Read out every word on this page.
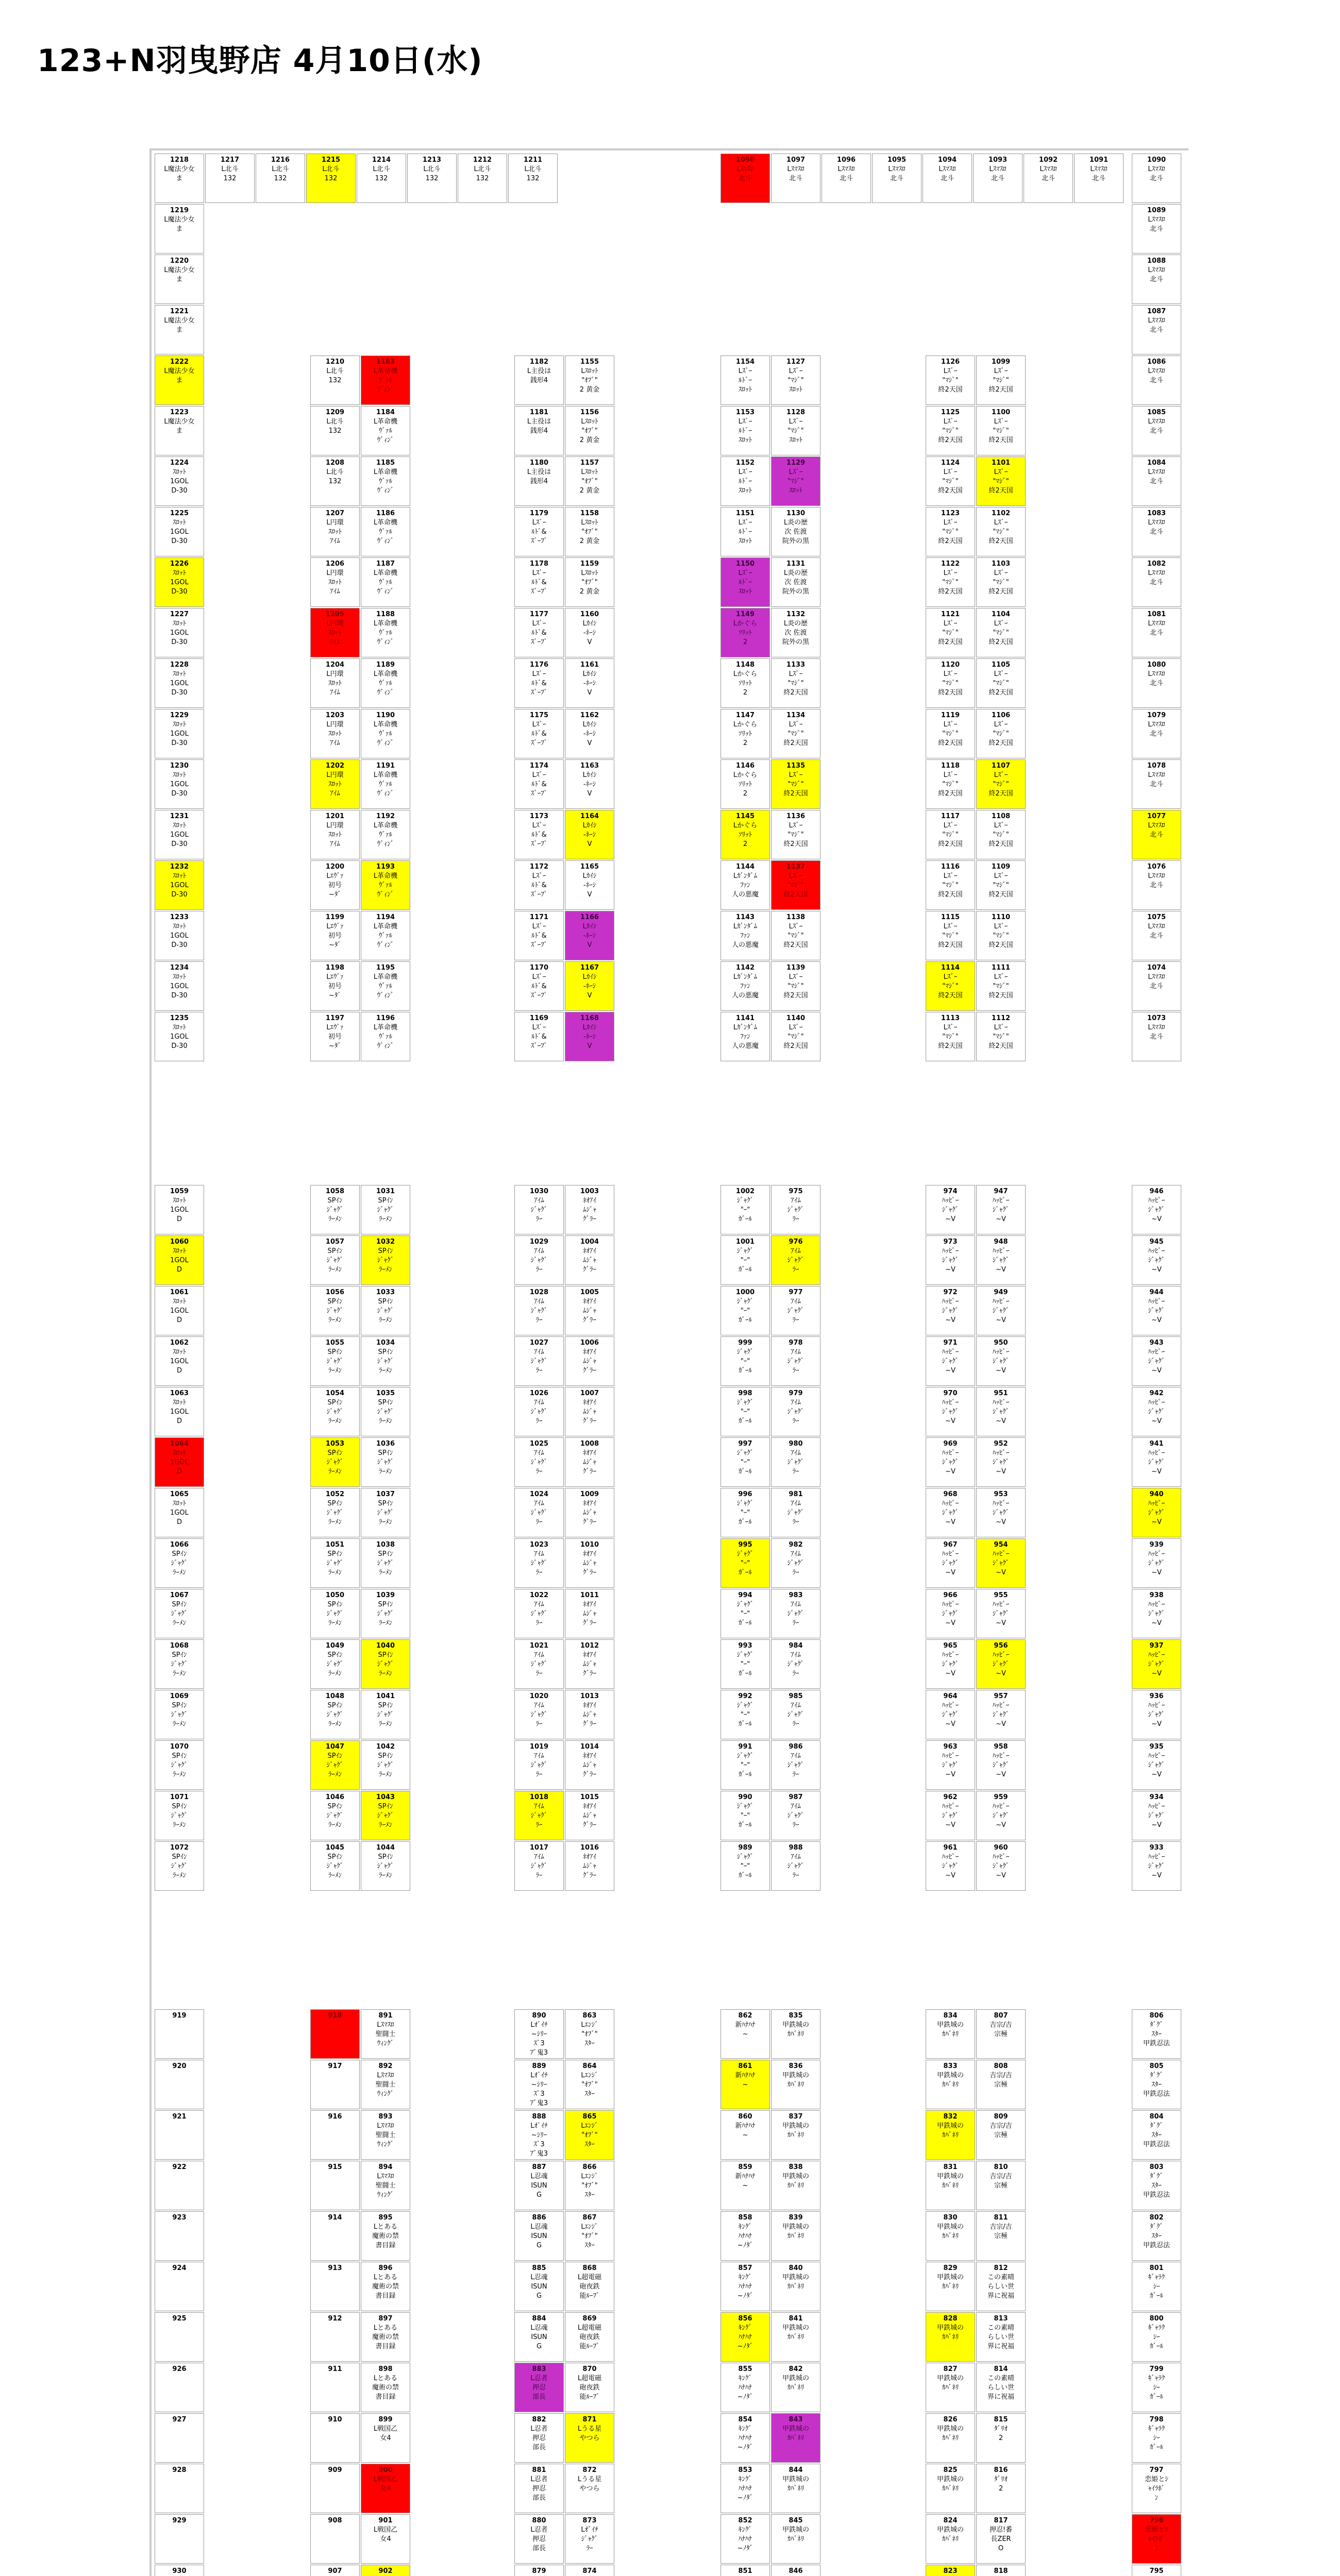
123+N羽曳野店 4月10日(水)
1218
L魔法少女
ま
1217
L北斗
132
1216
L北斗
132
1215
L北斗
132
1214
L北斗
132
1213
L北斗
132
1212
L北斗
132
1211
L北斗
132
1098
Lｽﾏｽﾛ
北斗
1097
Lｽﾏｽﾛ
北斗
1096
Lｽﾏｽﾛ
北斗
1095
Lｽﾏｽﾛ
北斗
1094
Lｽﾏｽﾛ
北斗
1093
Lｽﾏｽﾛ
北斗
1092
Lｽﾏｽﾛ
北斗
1091
Lｽﾏｽﾛ
北斗
1090
Lｽﾏｽﾛ
北斗
1219
L魔法少女
ま
1220
L魔法少女
ま
1221
L魔法少女
ま
1222
L魔法少女
ま
1223
L魔法少女
ま
1224
ｽﾛｯﾄ
1GOL
D-30
1225
ｽﾛｯﾄ
1GOL
D-30
1226
ｽﾛｯﾄ
1GOL
D-30
1227
ｽﾛｯﾄ
1GOL
D-30
1228
ｽﾛｯﾄ
1GOL
D-30
1229
ｽﾛｯﾄ
1GOL
D-30
1230
ｽﾛｯﾄ
1GOL
D-30
1231
ｽﾛｯﾄ
1GOL
D-30
1232
ｽﾛｯﾄ
1GOL
D-30
1233
ｽﾛｯﾄ
1GOL
D-30
1234
ｽﾛｯﾄ
1GOL
D-30
1235
ｽﾛｯﾄ
1GOL
D-30
1089
Lｽﾏｽﾛ
北斗
1088
Lｽﾏｽﾛ
北斗
1087
Lｽﾏｽﾛ
北斗
1086
Lｽﾏｽﾛ
北斗
1085
Lｽﾏｽﾛ
北斗
1084
Lｽﾏｽﾛ
北斗
1083
Lｽﾏｽﾛ
北斗
1082
Lｽﾏｽﾛ
北斗
1081
Lｽﾏｽﾛ
北斗
1080
Lｽﾏｽﾛ
北斗
1079
Lｽﾏｽﾛ
北斗
1078
Lｽﾏｽﾛ
北斗
1077
Lｽﾏｽﾛ
北斗
1076
Lｽﾏｽﾛ
北斗
1075
Lｽﾏｽﾛ
北斗
1074
Lｽﾏｽﾛ
北斗
1073
Lｽﾏｽﾛ
北斗
1210
L北斗
132
1209
L北斗
132
1208
L北斗
132
1207
L円環
ｽﾛｯﾄ
ｱｲﾑ
1206
L円環
ｽﾛｯﾄ
ｱｲﾑ
1205
L円環
ｽﾛｯﾄ
ｱｲﾑ
1204
L円環
ｽﾛｯﾄ
ｱｲﾑ
1203
L円環
ｽﾛｯﾄ
ｱｲﾑ
1202
L円環
ｽﾛｯﾄ
ｱｲﾑ
1201
L円環
ｽﾛｯﾄ
ｱｲﾑ
1200
Lｴｳﾞｧ
初号
~ﾀﾞ
1199
Lｴｳﾞｧ
初号
~ﾀﾞ
1198
Lｴｳﾞｧ
初号
~ﾀﾞ
1197
Lｴｳﾞｧ
初号
~ﾀﾞ
1183
L革命機
ｳﾞｧﾙ
ｳﾞｨﾝﾞ
1184
L革命機
ｳﾞｧﾙ
ｳﾞｨﾝﾞ
1185
L革命機
ｳﾞｧﾙ
ｳﾞｨﾝﾞ
1186
L革命機
ｳﾞｧﾙ
ｳﾞｨﾝﾞ
1187
L革命機
ｳﾞｧﾙ
ｳﾞｨﾝﾞ
1188
L革命機
ｳﾞｧﾙ
ｳﾞｨﾝﾞ
1189
L革命機
ｳﾞｧﾙ
ｳﾞｨﾝﾞ
1190
L革命機
ｳﾞｧﾙ
ｳﾞｨﾝﾞ
1191
L革命機
ｳﾞｧﾙ
ｳﾞｨﾝﾞ
1192
L革命機
ｳﾞｧﾙ
ｳﾞｨﾝﾞ
1193
L革命機
ｳﾞｧﾙ
ｳﾞｨﾝﾞ
1194
L革命機
ｳﾞｧﾙ
ｳﾞｨﾝﾞ
1195
L革命機
ｳﾞｧﾙ
ｳﾞｨﾝﾞ
1196
L革命機
ｳﾞｧﾙ
ｳﾞｨﾝﾞ
1182
L主役は
銭形4
1181
L主役は
銭形4
1180
L主役は
銭形4
1179
Lｽﾞｰ
ﾙﾄﾞ&
ｽﾞｰﾌﾟ
1178
Lｽﾞｰ
ﾙﾄﾞ&
ｽﾞｰﾌﾟ
1177
Lｽﾞｰ
ﾙﾄﾞ&
ｽﾞｰﾌﾟ
1176
Lｽﾞｰ
ﾙﾄﾞ&
ｽﾞｰﾌﾟ
1175
Lｽﾞｰ
ﾙﾄﾞ&
ｽﾞｰﾌﾟ
1174
Lｽﾞｰ
ﾙﾄﾞ&
ｽﾞｰﾌﾟ
1173
Lｽﾞｰ
ﾙﾄﾞ&
ｽﾞｰﾌﾟ
1172
Lｽﾞｰ
ﾙﾄﾞ&
ｽﾞｰﾌﾟ
1171
Lｽﾞｰ
ﾙﾄﾞ&
ｽﾞｰﾌﾟ
1170
Lｽﾞｰ
ﾙﾄﾞ&
ｽﾞｰﾌﾟ
1169
Lｽﾞｰ
ﾙﾄﾞ&
ｽﾞｰﾌﾟ
1155
Lｽﾛｯﾄ
"ｵﾌﾞ"
2 黄金
1156
Lｽﾛｯﾄ
"ｵﾌﾞ"
2 黄金
1157
Lｽﾛｯﾄ
"ｵﾌﾞ"
2 黄金
1158
Lｽﾛｯﾄ
"ｵﾌﾞ"
2 黄金
1159
Lｽﾛｯﾄ
"ｵﾌﾞ"
2 黄金
1160
Lｶｲｼ
-ﾈｰｼ
V
1161
Lｶｲｼ
-ﾈｰｼ
V
1162
Lｶｲｼ
-ﾈｰｼ
V
1163
Lｶｲｼ
-ﾈｰｼ
V
1164
Lｶｲｼ
-ﾈｰｼ
V
1165
Lｶｲｼ
-ﾈｰｼ
V
1166
Lｶｲｼ
-ﾈｰｼ
V
1167
Lｶｲｼ
-ﾈｰｼ
V
1168
Lｶｲｼ
-ﾈｰｼ
V
1154
Lｽﾞｰ
ﾙﾄﾞｰ
ｽﾛｯﾄ
1153
Lｽﾞｰ
ﾙﾄﾞｰ
ｽﾛｯﾄ
1152
Lｽﾞｰ
ﾙﾄﾞｰ
ｽﾛｯﾄ
1151
Lｽﾞｰ
ﾙﾄﾞｰ
ｽﾛｯﾄ
1150
Lｽﾞｰ
ﾙﾄﾞｰ
ｽﾛｯﾄ
1149
Lかぐら
ｿﾘｯﾄ
2
1148
Lかぐら
ｿﾘｯﾄ
2
1147
Lかぐら
ｿﾘｯﾄ
2
1146
Lかぐら
ｿﾘｯﾄ
2
1145
Lかぐら
ｿﾘｯﾄ
2
1144
Lｶﾞﾝﾀﾞﾑ
ﾌｧﾝ
人の悪魔
1143
Lｶﾞﾝﾀﾞﾑ
ﾌｧﾝ
人の悪魔
1142
Lｶﾞﾝﾀﾞﾑ
ﾌｧﾝ
人の悪魔
1141
Lｶﾞﾝﾀﾞﾑ
ﾌｧﾝ
人の悪魔
1127
Lｽﾞｰ
"ﾏｼﾞ"
ｽﾛｯﾄ
1128
Lｽﾞｰ
"ﾏｼﾞ"
ｽﾛｯﾄ
1129
Lｽﾞｰ
"ﾏｼﾞ"
ｽﾛｯﾄ
1130
L炎の歴
次 佐渡
院外の黒
1131
L炎の歴
次 佐渡
院外の黒
1132
L炎の歴
次 佐渡
院外の黒
1133
Lｽﾞｰ
"ﾏｼﾞ"
終2天国
1134
Lｽﾞｰ
"ﾏｼﾞ"
終2天国
1135
Lｽﾞｰ
"ﾏｼﾞ"
終2天国
1136
Lｽﾞｰ
"ﾏｼﾞ"
終2天国
1137
Lｽﾞｰ
"ﾏｼﾞ"
終2天国
1138
Lｽﾞｰ
"ﾏｼﾞ"
終2天国
1139
Lｽﾞｰ
"ﾏｼﾞ"
終2天国
1140
Lｽﾞｰ
"ﾏｼﾞ"
終2天国
1126
Lｽﾞｰ
"ﾏｼﾞ"
終2天国
1125
Lｽﾞｰ
"ﾏｼﾞ"
終2天国
1124
Lｽﾞｰ
"ﾏｼﾞ"
終2天国
1123
Lｽﾞｰ
"ﾏｼﾞ"
終2天国
1122
Lｽﾞｰ
"ﾏｼﾞ"
終2天国
1121
Lｽﾞｰ
"ﾏｼﾞ"
終2天国
1120
Lｽﾞｰ
"ﾏｼﾞ"
終2天国
1119
Lｽﾞｰ
"ﾏｼﾞ"
終2天国
1118
Lｽﾞｰ
"ﾏｼﾞ"
終2天国
1117
Lｽﾞｰ
"ﾏｼﾞ"
終2天国
1116
Lｽﾞｰ
"ﾏｼﾞ"
終2天国
1115
Lｽﾞｰ
"ﾏｼﾞ"
終2天国
1114
Lｽﾞｰ
"ﾏｼﾞ"
終2天国
1113
Lｽﾞｰ
"ﾏｼﾞ"
終2天国
1099
Lｽﾞｰ
"ﾏｼﾞ"
終2天国
1100
Lｽﾞｰ
"ﾏｼﾞ"
終2天国
1101
Lｽﾞｰ
"ﾏｼﾞ"
終2天国
1102
Lｽﾞｰ
"ﾏｼﾞ"
終2天国
1103
Lｽﾞｰ
"ﾏｼﾞ"
終2天国
1104
Lｽﾞｰ
"ﾏｼﾞ"
終2天国
1105
Lｽﾞｰ
"ﾏｼﾞ"
終2天国
1106
Lｽﾞｰ
"ﾏｼﾞ"
終2天国
1107
Lｽﾞｰ
"ﾏｼﾞ"
終2天国
1108
Lｽﾞｰ
"ﾏｼﾞ"
終2天国
1109
Lｽﾞｰ
"ﾏｼﾞ"
終2天国
1110
Lｽﾞｰ
"ﾏｼﾞ"
終2天国
1111
Lｽﾞｰ
"ﾏｼﾞ"
終2天国
1112
Lｽﾞｰ
"ﾏｼﾞ"
終2天国
1059
ｽﾛｯﾄ
1GOL
D
1060
ｽﾛｯﾄ
1GOL
D
1061
ｽﾛｯﾄ
1GOL
D
1062
ｽﾛｯﾄ
1GOL
D
1063
ｽﾛｯﾄ
1GOL
D
1064
ｽﾛｯﾄ
1GOL
D
1065
ｽﾛｯﾄ
1GOL
D
1066
SPｲﾝ
ｼﾞｬｸﾞ
ﾗｰﾒﾝ
1067
SPｲﾝ
ｼﾞｬｸﾞ
ﾗｰﾒﾝ
1068
SPｲﾝ
ｼﾞｬｸﾞ
ﾗｰﾒﾝ
1069
SPｲﾝ
ｼﾞｬｸﾞ
ﾗｰﾒﾝ
1070
SPｲﾝ
ｼﾞｬｸﾞ
ﾗｰﾒﾝ
1071
SPｲﾝ
ｼﾞｬｸﾞ
ﾗｰﾒﾝ
1072
SPｲﾝ
ｼﾞｬｸﾞ
ﾗｰﾒﾝ
946
ﾊｯﾋﾟｰ
ｼﾞｬｸﾞ
~V
945
ﾊｯﾋﾟｰ
ｼﾞｬｸﾞ
~V
944
ﾊｯﾋﾟｰ
ｼﾞｬｸﾞ
~V
943
ﾊｯﾋﾟｰ
ｼﾞｬｸﾞ
~V
942
ﾊｯﾋﾟｰ
ｼﾞｬｸﾞ
~V
941
ﾊｯﾋﾟｰ
ｼﾞｬｸﾞ
~V
940
ﾊｯﾋﾟｰ
ｼﾞｬｸﾞ
~V
939
ﾊｯﾋﾟｰ
ｼﾞｬｸﾞ
~V
938
ﾊｯﾋﾟｰ
ｼﾞｬｸﾞ
~V
937
ﾊｯﾋﾟｰ
ｼﾞｬｸﾞ
~V
936
ﾊｯﾋﾟｰ
ｼﾞｬｸﾞ
~V
935
ﾊｯﾋﾟｰ
ｼﾞｬｸﾞ
~V
934
ﾊｯﾋﾟｰ
ｼﾞｬｸﾞ
~V
933
ﾊｯﾋﾟｰ
ｼﾞｬｸﾞ
~V
1058
SPｲﾝ
ｼﾞｬｸﾞ
ﾗｰﾒﾝ
1057
SPｲﾝ
ｼﾞｬｸﾞ
ﾗｰﾒﾝ
1056
SPｲﾝ
ｼﾞｬｸﾞ
ﾗｰﾒﾝ
1055
SPｲﾝ
ｼﾞｬｸﾞ
ﾗｰﾒﾝ
1054
SPｲﾝ
ｼﾞｬｸﾞ
ﾗｰﾒﾝ
1053
SPｲﾝ
ｼﾞｬｸﾞ
ﾗｰﾒﾝ
1052
SPｲﾝ
ｼﾞｬｸﾞ
ﾗｰﾒﾝ
1051
SPｲﾝ
ｼﾞｬｸﾞ
ﾗｰﾒﾝ
1050
SPｲﾝ
ｼﾞｬｸﾞ
ﾗｰﾒﾝ
1049
SPｲﾝ
ｼﾞｬｸﾞ
ﾗｰﾒﾝ
1048
SPｲﾝ
ｼﾞｬｸﾞ
ﾗｰﾒﾝ
1047
SPｲﾝ
ｼﾞｬｸﾞ
ﾗｰﾒﾝ
1046
SPｲﾝ
ｼﾞｬｸﾞ
ﾗｰﾒﾝ
1045
SPｲﾝ
ｼﾞｬｸﾞ
ﾗｰﾒﾝ
1031
SPｲﾝ
ｼﾞｬｸﾞ
ﾗｰﾒﾝ
1032
SPｲﾝ
ｼﾞｬｸﾞ
ﾗｰﾒﾝ
1033
SPｲﾝ
ｼﾞｬｸﾞ
ﾗｰﾒﾝ
1034
SPｲﾝ
ｼﾞｬｸﾞ
ﾗｰﾒﾝ
1035
SPｲﾝ
ｼﾞｬｸﾞ
ﾗｰﾒﾝ
1036
SPｲﾝ
ｼﾞｬｸﾞ
ﾗｰﾒﾝ
1037
SPｲﾝ
ｼﾞｬｸﾞ
ﾗｰﾒﾝ
1038
SPｲﾝ
ｼﾞｬｸﾞ
ﾗｰﾒﾝ
1039
SPｲﾝ
ｼﾞｬｸﾞ
ﾗｰﾒﾝ
1040
SPｲﾝ
ｼﾞｬｸﾞ
ﾗｰﾒﾝ
1041
SPｲﾝ
ｼﾞｬｸﾞ
ﾗｰﾒﾝ
1042
SPｲﾝ
ｼﾞｬｸﾞ
ﾗｰﾒﾝ
1043
SPｲﾝ
ｼﾞｬｸﾞ
ﾗｰﾒﾝ
1044
SPｲﾝ
ｼﾞｬｸﾞ
ﾗｰﾒﾝ
1030
ｱｲﾑ
ｼﾞｬｸﾞ
ﾗｰ
1029
ｱｲﾑ
ｼﾞｬｸﾞ
ﾗｰ
1028
ｱｲﾑ
ｼﾞｬｸﾞ
ﾗｰ
1027
ｱｲﾑ
ｼﾞｬｸﾞ
ﾗｰ
1026
ｱｲﾑ
ｼﾞｬｸﾞ
ﾗｰ
1025
ｱｲﾑ
ｼﾞｬｸﾞ
ﾗｰ
1024
ｱｲﾑ
ｼﾞｬｸﾞ
ﾗｰ
1023
ｱｲﾑ
ｼﾞｬｸﾞ
ﾗｰ
1022
ｱｲﾑ
ｼﾞｬｸﾞ
ﾗｰ
1021
ｱｲﾑ
ｼﾞｬｸﾞ
ﾗｰ
1020
ｱｲﾑ
ｼﾞｬｸﾞ
ﾗｰ
1019
ｱｲﾑ
ｼﾞｬｸﾞ
ﾗｰ
1018
ｱｲﾑ
ｼﾞｬｸﾞ
ﾗｰ
1017
ｱｲﾑ
ｼﾞｬｸﾞ
ﾗｰ
1003
ﾈｵｱｲ
ﾑｼﾞｬ
ｸﾞﾗｰ
1004
ﾈｵｱｲ
ﾑｼﾞｬ
ｸﾞﾗｰ
1005
ﾈｵｱｲ
ﾑｼﾞｬ
ｸﾞﾗｰ
1006
ﾈｵｱｲ
ﾑｼﾞｬ
ｸﾞﾗｰ
1007
ﾈｵｱｲ
ﾑｼﾞｬ
ｸﾞﾗｰ
1008
ﾈｵｱｲ
ﾑｼﾞｬ
ｸﾞﾗｰ
1009
ﾈｵｱｲ
ﾑｼﾞｬ
ｸﾞﾗｰ
1010
ﾈｵｱｲ
ﾑｼﾞｬ
ｸﾞﾗｰ
1011
ﾈｵｱｲ
ﾑｼﾞｬ
ｸﾞﾗｰ
1012
ﾈｵｱｲ
ﾑｼﾞｬ
ｸﾞﾗｰ
1013
ﾈｵｱｲ
ﾑｼﾞｬ
ｸﾞﾗｰ
1014
ﾈｵｱｲ
ﾑｼﾞｬ
ｸﾞﾗｰ
1015
ﾈｵｱｲ
ﾑｼﾞｬ
ｸﾞﾗｰ
1016
ﾈｵｱｲ
ﾑｼﾞｬ
ｸﾞﾗｰ
1002
ｼﾞｬｸﾞ
"ｰ"
ｶﾞｰﾙ
1001
ｼﾞｬｸﾞ
"ｰ"
ｶﾞｰﾙ
1000
ｼﾞｬｸﾞ
"ｰ"
ｶﾞｰﾙ
999
ｼﾞｬｸﾞ
"ｰ"
ｶﾞｰﾙ
998
ｼﾞｬｸﾞ
"ｰ"
ｶﾞｰﾙ
997
ｼﾞｬｸﾞ
"ｰ"
ｶﾞｰﾙ
996
ｼﾞｬｸﾞ
"ｰ"
ｶﾞｰﾙ
995
ｼﾞｬｸﾞ
"ｰ"
ｶﾞｰﾙ
994
ｼﾞｬｸﾞ
"ｰ"
ｶﾞｰﾙ
993
ｼﾞｬｸﾞ
"ｰ"
ｶﾞｰﾙ
992
ｼﾞｬｸﾞ
"ｰ"
ｶﾞｰﾙ
991
ｼﾞｬｸﾞ
"ｰ"
ｶﾞｰﾙ
990
ｼﾞｬｸﾞ
"ｰ"
ｶﾞｰﾙ
989
ｼﾞｬｸﾞ
"ｰ"
ｶﾞｰﾙ
975
ｱｲﾑ
ｼﾞｬｸﾞ
ﾗｰ
976
ｱｲﾑ
ｼﾞｬｸﾞ
ﾗｰ
977
ｱｲﾑ
ｼﾞｬｸﾞ
ﾗｰ
978
ｱｲﾑ
ｼﾞｬｸﾞ
ﾗｰ
979
ｱｲﾑ
ｼﾞｬｸﾞ
ﾗｰ
980
ｱｲﾑ
ｼﾞｬｸﾞ
ﾗｰ
981
ｱｲﾑ
ｼﾞｬｸﾞ
ﾗｰ
982
ｱｲﾑ
ｼﾞｬｸﾞ
ﾗｰ
983
ｱｲﾑ
ｼﾞｬｸﾞ
ﾗｰ
984
ｱｲﾑ
ｼﾞｬｸﾞ
ﾗｰ
985
ｱｲﾑ
ｼﾞｬｸﾞ
ﾗｰ
986
ｱｲﾑ
ｼﾞｬｸﾞ
ﾗｰ
987
ｱｲﾑ
ｼﾞｬｸﾞ
ﾗｰ
988
ｱｲﾑ
ｼﾞｬｸﾞ
ﾗｰ
974
ﾊｯﾋﾟｰ
ｼﾞｬｸﾞ
~V
973
ﾊｯﾋﾟｰ
ｼﾞｬｸﾞ
~V
972
ﾊｯﾋﾟｰ
ｼﾞｬｸﾞ
~V
971
ﾊｯﾋﾟｰ
ｼﾞｬｸﾞ
~V
970
ﾊｯﾋﾟｰ
ｼﾞｬｸﾞ
~V
969
ﾊｯﾋﾟｰ
ｼﾞｬｸﾞ
~V
968
ﾊｯﾋﾟｰ
ｼﾞｬｸﾞ
~V
967
ﾊｯﾋﾟｰ
ｼﾞｬｸﾞ
~V
966
ﾊｯﾋﾟｰ
ｼﾞｬｸﾞ
~V
965
ﾊｯﾋﾟｰ
ｼﾞｬｸﾞ
~V
964
ﾊｯﾋﾟｰ
ｼﾞｬｸﾞ
~V
963
ﾊｯﾋﾟｰ
ｼﾞｬｸﾞ
~V
962
ﾊｯﾋﾟｰ
ｼﾞｬｸﾞ
~V
961
ﾊｯﾋﾟｰ
ｼﾞｬｸﾞ
~V
947
ﾊｯﾋﾟｰ
ｼﾞｬｸﾞ
~V
948
ﾊｯﾋﾟｰ
ｼﾞｬｸﾞ
~V
949
ﾊｯﾋﾟｰ
ｼﾞｬｸﾞ
~V
950
ﾊｯﾋﾟｰ
ｼﾞｬｸﾞ
~V
951
ﾊｯﾋﾟｰ
ｼﾞｬｸﾞ
~V
952
ﾊｯﾋﾟｰ
ｼﾞｬｸﾞ
~V
953
ﾊｯﾋﾟｰ
ｼﾞｬｸﾞ
~V
954
ﾊｯﾋﾟｰ
ｼﾞｬｸﾞ
~V
955
ﾊｯﾋﾟｰ
ｼﾞｬｸﾞ
~V
956
ﾊｯﾋﾟｰ
ｼﾞｬｸﾞ
~V
957
ﾊｯﾋﾟｰ
ｼﾞｬｸﾞ
~V
958
ﾊｯﾋﾟｰ
ｼﾞｬｸﾞ
~V
959
ﾊｯﾋﾟｰ
ｼﾞｬｸﾞ
~V
960
ﾊｯﾋﾟｰ
ｼﾞｬｸﾞ
~V
919
920
921
922
923
924
925
926
927
928
929
930
806
ﾀﾞｸﾞ
ｽﾀｰ
甲鉄忍法
805
ﾀﾞｸﾞ
ｽﾀｰ
甲鉄忍法
804
ﾀﾞｸﾞ
ｽﾀｰ
甲鉄忍法
803
ﾀﾞｸﾞ
ｽﾀｰ
甲鉄忍法
802
ﾀﾞｸﾞ
ｽﾀｰ
甲鉄忍法
801
ｷﾞｬﾗｸ
ｼｰ
ｶﾞｰﾙ
800
ｷﾞｬﾗｸ
ｼｰ
ｶﾞｰﾙ
799
ｷﾞｬﾗｸ
ｼｰ
ｶﾞｰﾙ
798
ｷﾞｬﾗｸ
ｼｰ
ｶﾞｰﾙ
797
恋姫とｼ
ｬｲﾗﾎﾞ
ﾝ
796
恋姫とｼ
ｬｲﾗﾎﾞ
ﾝ
795
918
917
916
915
914
913
912
911
910
909
908
907
891
Lｽﾏｽﾛ
聖闘士
ｳｨﾝｸﾞ
892
Lｽﾏｽﾛ
聖闘士
ｳｨﾝｸﾞ
893
Lｽﾏｽﾛ
聖闘士
ｳｨﾝｸﾞ
894
Lｽﾏｽﾛ
聖闘士
ｳｨﾝｸﾞ
895
Lとある
魔術の禁
書目録
896
Lとある
魔術の禁
書目録
897
Lとある
魔術の禁
書目録
898
Lとある
魔術の禁
書目録
899
L戦国乙
女4
900
L戦国乙
女4
901
L戦国乙
女4
902
890
Lｵﾞｲﾁ
~ｼﾘｰ
ｽﾞ3
ｱﾞ鬼3
889
Lｵﾞｲﾁ
~ｼﾘｰ
ｽﾞ3
ｱﾞ鬼3
888
Lｵﾞｲﾁ
~ｼﾘｰ
ｽﾞ3
ｱﾞ鬼3
887
L忍魂
ISUN
G
886
L忍魂
ISUN
G
885
L忍魂
ISUN
G
884
L忍魂
ISUN
G
883
L忍者
押忍
部長
882
L忍者
押忍
部長
881
L忍者
押忍
部長
880
L忍者
押忍
部長
879
863
Lｴﾝｼﾞ
"ｵﾌﾞ"
ｽﾀｰ
864
Lｴﾝｼﾞ
"ｵﾌﾞ"
ｽﾀｰ
865
Lｴﾝｼﾞ
"ｵﾌﾞ"
ｽﾀｰ
866
Lｴﾝｼﾞ
"ｵﾌﾞ"
ｽﾀｰ
867
Lｴﾝｼﾞ
"ｵﾌﾞ"
ｽﾀｰ
868
L超電磁
砲夜鉄
能ﾙｰﾌﾟ
869
L超電磁
砲夜鉄
能ﾙｰﾌﾟ
870
L超電磁
砲夜鉄
能ﾙｰﾌﾟ
871
Lうる星
やつら
872
Lうる星
やつら
873
Lｵﾞｲﾁ
ｼﾞｬｸﾞ
ﾗｰ
874
862
新ﾊﾅﾊﾅ
~
861
新ﾊﾅﾊﾅ
~
860
新ﾊﾅﾊﾅ
~
859
新ﾊﾅﾊﾅ
~
858
ｷﾝｸﾞ
ﾊﾅﾊﾅ
~ﾉﾀﾞ
857
ｷﾝｸﾞ
ﾊﾅﾊﾅ
~ﾉﾀﾞ
856
ｷﾝｸﾞ
ﾊﾅﾊﾅ
~ﾉﾀﾞ
855
ｷﾝｸﾞ
ﾊﾅﾊﾅ
~ﾉﾀﾞ
854
ｷﾝｸﾞ
ﾊﾅﾊﾅ
~ﾉﾀﾞ
853
ｷﾝｸﾞ
ﾊﾅﾊﾅ
~ﾉﾀﾞ
852
ｷﾝｸﾞ
ﾊﾅﾊﾅ
~ﾉﾀﾞ
851
835
甲鉄城の
ｶﾊﾞﾈﾘ
836
甲鉄城の
ｶﾊﾞﾈﾘ
837
甲鉄城の
ｶﾊﾞﾈﾘ
838
甲鉄城の
ｶﾊﾞﾈﾘ
839
甲鉄城の
ｶﾊﾞﾈﾘ
840
甲鉄城の
ｶﾊﾞﾈﾘ
841
甲鉄城の
ｶﾊﾞﾈﾘ
842
甲鉄城の
ｶﾊﾞﾈﾘ
843
甲鉄城の
ｶﾊﾞﾈﾘ
844
甲鉄城の
ｶﾊﾞﾈﾘ
845
甲鉄城の
ｶﾊﾞﾈﾘ
846
834
甲鉄城の
ｶﾊﾞﾈﾘ
833
甲鉄城の
ｶﾊﾞﾈﾘ
832
甲鉄城の
ｶﾊﾞﾈﾘ
831
甲鉄城の
ｶﾊﾞﾈﾘ
830
甲鉄城の
ｶﾊﾞﾈﾘ
829
甲鉄城の
ｶﾊﾞﾈﾘ
828
甲鉄城の
ｶﾊﾞﾈﾘ
827
甲鉄城の
ｶﾊﾞﾈﾘ
826
甲鉄城の
ｶﾊﾞﾈﾘ
825
甲鉄城の
ｶﾊﾞﾈﾘ
824
甲鉄城の
ｶﾊﾞﾈﾘ
823
807
吉宗/吉
宗極
808
吉宗/吉
宗極
809
吉宗/吉
宗極
810
吉宗/吉
宗極
811
吉宗/吉
宗極
812
この素晴
らしい世
界に祝福
813
この素晴
らしい世
界に祝福
814
この素晴
らしい世
界に祝福
815
ﾀﾞﾘｵ
2
816
ﾀﾞﾘｵ
2
817
押忍!番
長ZER
O
818
